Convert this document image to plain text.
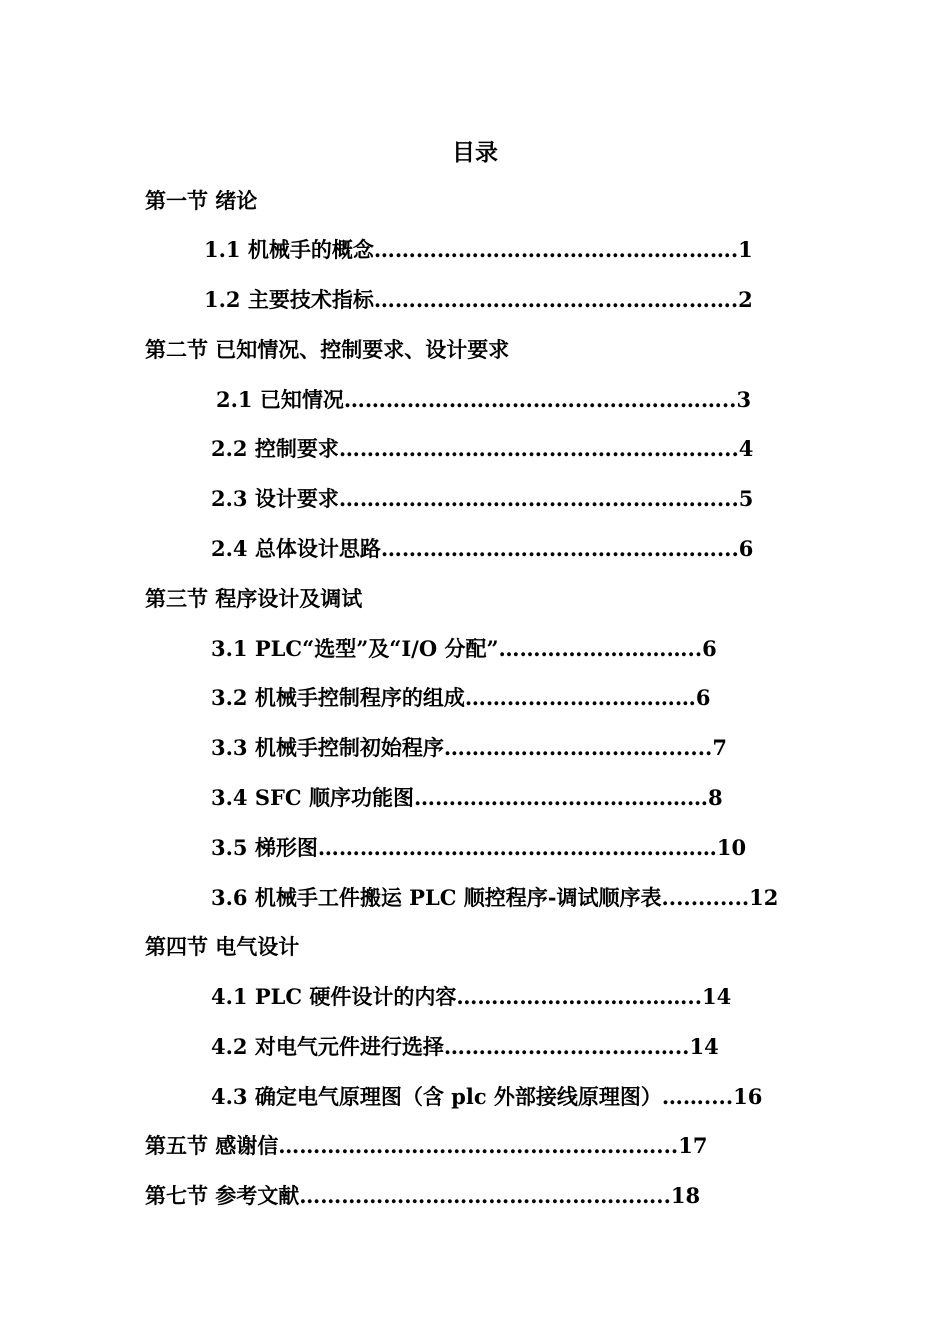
目录
第一节 绪论
1.1 机械手的概念…………………………………………….1
1.2 主要技术指标…………………………………………….2
第二节 已知情况、控制要求、设计要求
2.1 已知情况………………………………………………..3
2.2 控制要求………………………………………………...4
2.3 设计要求………………………………………………...5
2.4 总体设计思路…………………………………………...6
第三节 程序设计及调试
3.1 PLC“选型”及“I/O 分配”………………………..6
3.2 机械手控制程序的组成……………………………6
3.3 机械手控制初始程序…………………………........7
3.4 SFC 顺序功能图……………………………………8
3.5 梯形图…………………………………………………10
3.6 机械手工件搬运 PLC 顺控程序-调试顺序表............12
第四节 电气设计
4.1 PLC 硬件设计的内容……………………………..14
4.2 对电气元件进行选择……………………………..14
4.3 确定电气原理图（含 plc 外部接线原理图）……....16
第五节 感谢信………………………………………………...17
第七节 参考文献……………………………………………..18
